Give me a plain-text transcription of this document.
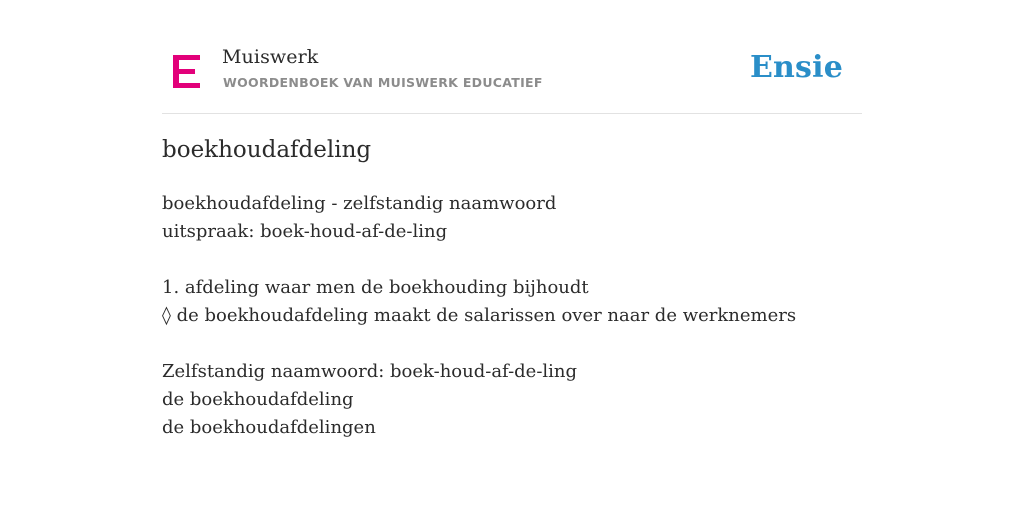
Muiswerk
WOORDENBOEK VAN MUISWERK EDUCATIEF	Ensie
boekhoudafdeling
boekhoudafdeling - zelfstandig naamwoord
uitspraak: boek-houd-af-de-ling
1. afdeling waar men de boekhouding bijhoudt
◊ de boekhoudafdeling maakt de salarissen over naar de werknemers
Zelfstandig naamwoord: boek-houd-af-de-ling
de boekhoudafdeling
de boekhoudafdelingen
